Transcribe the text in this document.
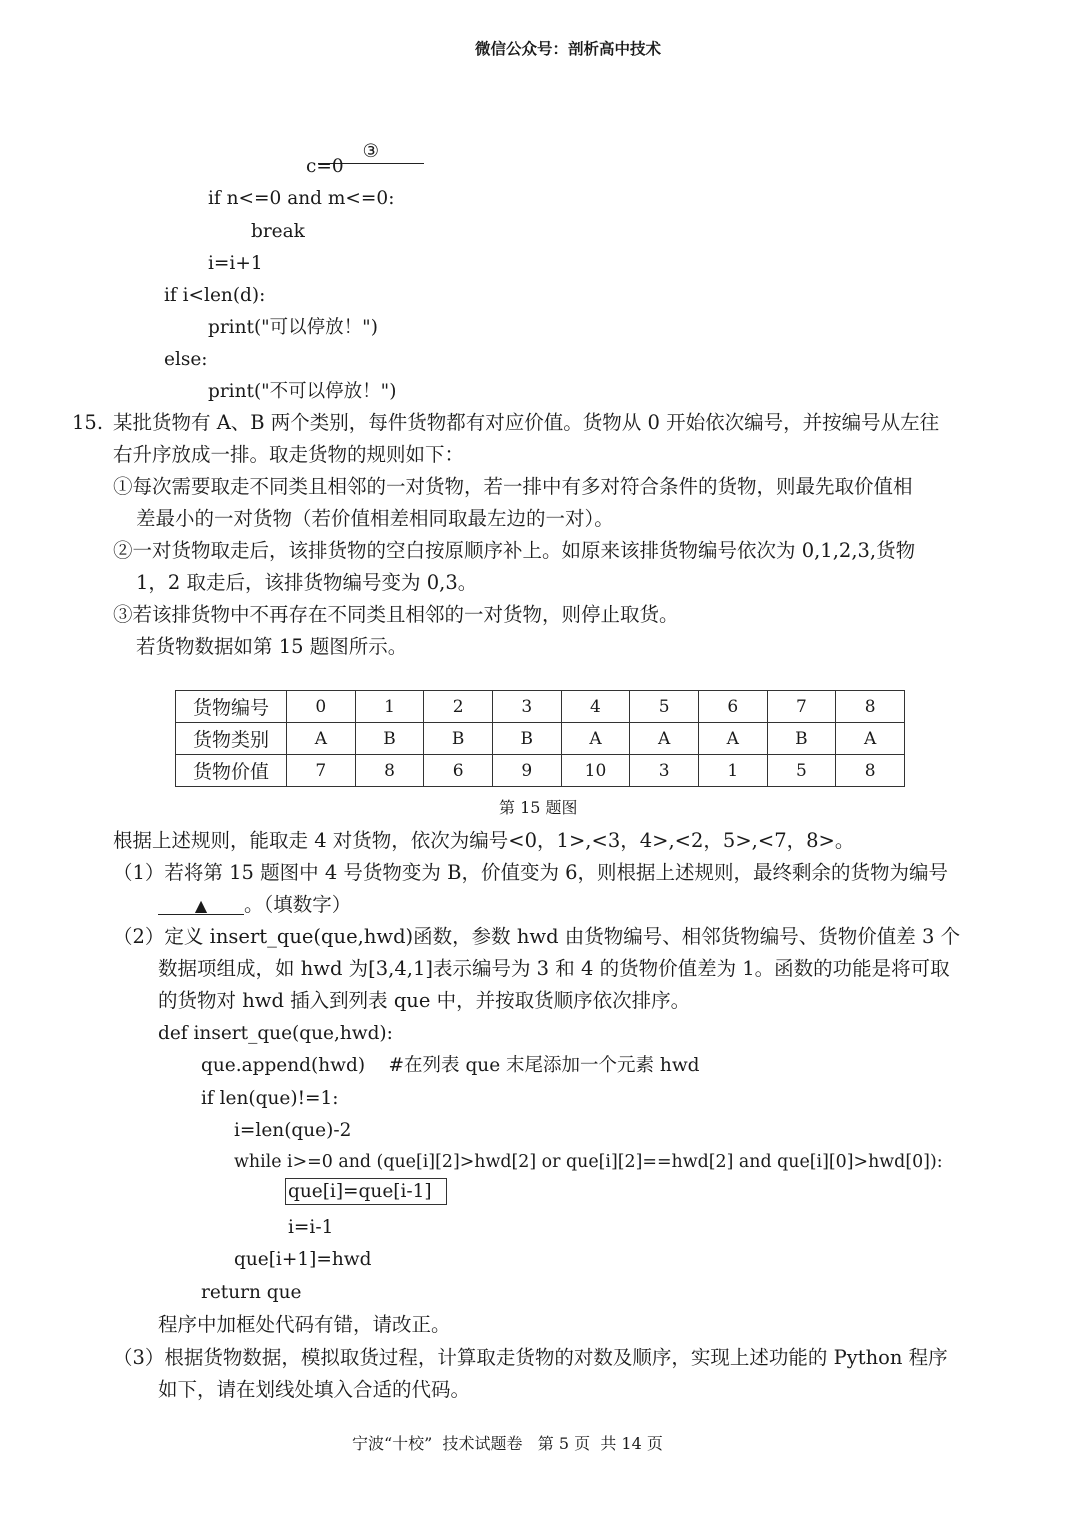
微信公众号：剖析高中技术

③

c=0
if n<=0 and m<=0:
break
i=i+1
if i<len(d):
print("可以停放！")
else:
print("不可以停放！")
15. 某批货物有 A、B 两个类别，每件货物都有对应价值。货物从 0 开始依次编号，并按编号从左往
右升序放成一排。取走货物的规则如下：
①每次需要取走不同类且相邻的一对货物，若一排中有多对符合条件的货物，则最先取价值相
差最小的一对货物（若价值相差相同取最左边的一对）。
②一对货物取走后，该排货物的空白按原顺序补上。如原来该排货物编号依次为 0,1,2,3,货物
1，2 取走后，该排货物编号变为 0,3。
③若该排货物中不再存在不同类且相邻的一对货物，则停止取货。
若货物数据如第 15 题图所示。
货物编号	0	1	2	3	4	5	6	7	8
货物类别	A	B	B	B	A	A	A	B	A
货物价值	7	8	6	9	10	3	1	5	8
第 15 题图
根据上述规则，能取走 4 对货物，依次为编号<0，1>,<3，4>,<2，5>,<7，8>。
（1）若将第 15 题图中 4 号货物变为 B，价值变为 6，则根据上述规则，最终剩余的货物为编号
▲ 。（填数字）
（2）定义 insert_que(que,hwd)函数，参数 hwd 由货物编号、相邻货物编号、货物价值差 3 个
数据项组成，如 hwd 为[3,4,1]表示编号为 3 和 4 的货物价值差为 1。函数的功能是将可取
的货物对 hwd 插入到列表 que 中，并按取货顺序依次排序。
def insert_que(que,hwd):
que.append(hwd)    #在列表 que 末尾添加一个元素 hwd
if len(que)!=1:
i=len(que)-2
while i>=0 and (que[i][2]>hwd[2] or que[i][2]==hwd[2] and que[i][0]>hwd[0]):
que[i]=que[i-1]
i=i-1
que[i+1]=hwd
return que
程序中加框处代码有错，请改正。
（3）根据货物数据，模拟取货过程，计算取走货物的对数及顺序，实现上述功能的 Python 程序
如下，请在划线处填入合适的代码。
宁波“十校”  技术试题卷   第 5 页  共 14 页
